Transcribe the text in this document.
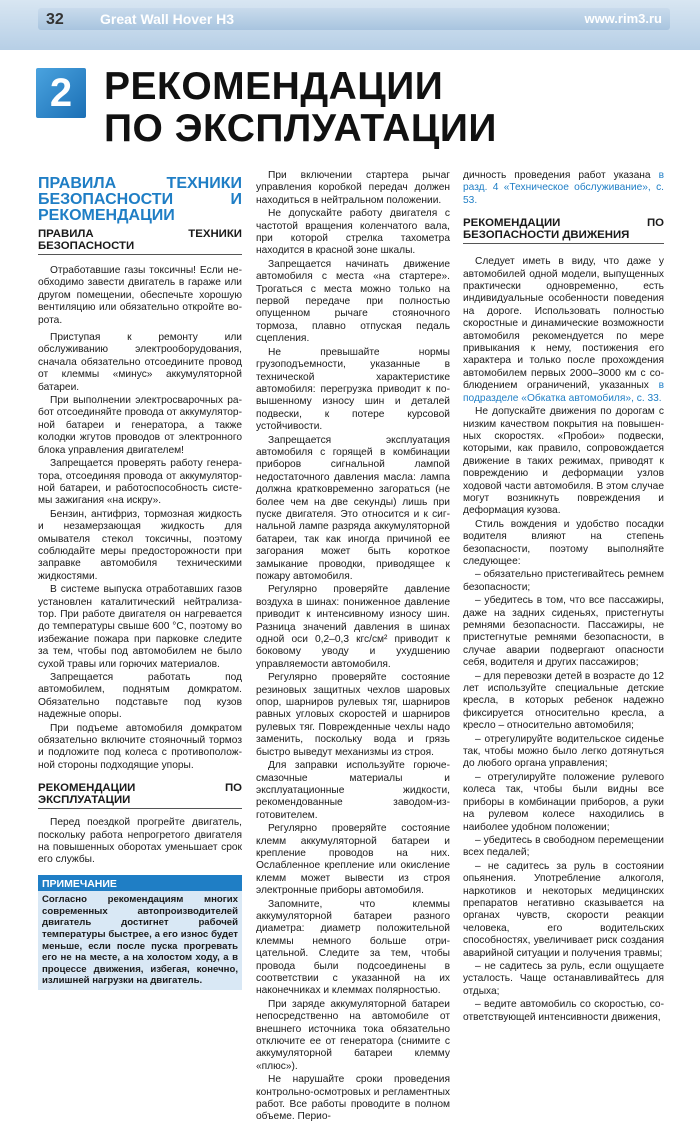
32	Great Wall Hover H3	www.rim3.ru
2 РЕКОМЕНДАЦИИ
ПО ЭКСПЛУАТАЦИИ
ПРАВИЛА ТЕХНИКИ БЕЗОПАСНОСТИ И РЕКОМЕНДАЦИИ
ПРАВИЛА ТЕХНИКИ БЕЗОПАСНОСТИ

Отработавшие газы токсичны! Если необходимо завести двигатель в гараже или другом помещении, обеспечьте хорошую вентиляцию или обязательно откройте ворота.

Приступая к ремонту или обслуживанию электрооборудования, сначала обязательно отсоедините провод от клеммы «минус» аккумуляторной батареи.

При выполнении электросварочных работ отсоединяйте провода от аккумуляторной батареи и генератора, а также колодки жгутов проводов от электронного блока управления двигателем!

Запрещается проверять работу генератора, отсоединяя провода от аккумуляторной батареи, и работоспособность системы зажигания «на искру».

Бензин, антифриз, тормозная жидкость и незамерзающая жидкость для омывателя стекол токсичны, поэтому соблюдайте меры предосторожности при заправке автомобиля техническими жидкостями.

В системе выпуска отработавших газов установлен каталитический нейтрализатор. При работе двигателя он нагревается до температуры свыше 600 °С, поэтому во избежание пожара при парковке следите за тем, чтобы под автомобилем не было сухой травы или горючих материалов.

Запрещается работать под автомобилем, поднятым домкратом. Обязательно подставьте под кузов надежные опоры.

При подъеме автомобиля домкратом обязательно включите стояночный тормоз и подложите под колеса с противоположной стороны подходящие упоры.

РЕКОМЕНДАЦИИ ПО ЭКСПЛУАТАЦИИ

Перед поездкой прогрейте двигатель, поскольку работа непрогретого двигателя на повышенных оборотах уменьшает срок его службы.

ПРИМЕЧАНИЕ
Согласно рекомендациям многих современных автопроизводителей двигатель достигнет рабочей температуры быстрее, а его износ будет меньше, если после пуска прогревать его не на месте, а на холостом ходу, а в процессе движения, избегая, конечно, излишней нагрузки на двигатель.

При включении стартера рычаг управления коробкой передач должен находиться в нейтральном положении.

Не допускайте работу двигателя с частотой вращения коленчатого вала, при которой стрелка тахометра находится в красной зоне шкалы.

Запрещается начинать движение автомобиля с места «на стартере». Трогаться с места можно только на первой передаче при полностью опущенном рычаге стояночного тормоза, плавно отпуская педаль сцепления.

Не превышайте нормы грузоподъемности, указанные в технической характеристике автомобиля: перегрузка приводит к повышенному износу шин и деталей подвески, к потере курсовой устойчивости.

Запрещается эксплуатация автомобиля с горящей в комбинации приборов сигнальной лампой недостаточного давления масла: лампа должна кратковременно загораться (не более чем на две секунды) лишь при пуске двигателя. Это относится и к сигнальной лампе разряда аккумуляторной батареи, так как иногда причиной ее загорания может быть короткое замыкание проводки, приводящее к пожару автомобиля.

Регулярно проверяйте давление воздуха в шинах: пониженное давление приводит к интенсивному износу шин. Разница значений давления в шинах одной оси 0,2–0,3 кгс/см² приводит к боковому уводу и ухудшению управляемости автомобиля.

Регулярно проверяйте состояние резиновых защитных чехлов шаровых опор, шарниров рулевых тяг, шарниров равных угловых скоростей и шарниров рулевых тяг. Поврежденные чехлы надо заменить, поскольку вода и грязь быстро выведут механизмы из строя.

Для заправки используйте горюче-смазочные материалы и эксплуатационные жидкости, рекомендованные заводом-изготовителем.

Регулярно проверяйте состояние клемм аккумуляторной батареи и крепление проводов на них. Ослабленное крепление или окисление клемм может вывести из строя электронные приборы автомобиля.

Запомните, что клеммы аккумуляторной батареи разного диаметра: диаметр положительной клеммы немного больше отрицательной. Следите за тем, чтобы провода были подсоединены в соответствии с указанной на их наконечниках и клеммах полярностью.

При заряде аккумуляторной батареи непосредственно на автомобиле от внешнего источника тока обязательно отключите ее от генератора (снимите с аккумуляторной батареи клемму «плюс»).

Не нарушайте сроки проведения контрольно-осмотровых и регламентных работ. Все работы проводите в полном объеме. Перио-

дичность проведения работ указана в разд. 4 «Техническое обслуживание», с. 53.

РЕКОМЕНДАЦИИ ПО БЕЗОПАСНОСТИ ДВИЖЕНИЯ

Следует иметь в виду, что даже у автомобилей одной модели, выпущенных практически одновременно, есть индивидуальные особенности поведения на дороге. Использовать полностью скоростные и динамические возможности автомобиля рекомендуется по мере привыкания к нему, постижения его характера и только после прохождения автомобилем первых 2000–3000 км с соблюдением ограничений, указанных в подразделе «Обкатка автомобиля», с. 33.

Не допускайте движения по дорогам с низким качеством покрытия на повышенных скоростях. «Пробои» подвески, которыми, как правило, сопровождается движение в таких режимах, приводят к повреждению и деформации узлов ходовой части автомобиля. В этом случае могут возникнуть повреждения и деформация кузова.

Стиль вождения и удобство посадки водителя влияют на степень безопасности, поэтому выполняйте следующее:

– обязательно пристегивайтесь ремнем безопасности;

– убедитесь в том, что все пассажиры, даже на задних сиденьях, пристегнуты ремнями безопасности. Пассажиры, не пристегнутые ремнями безопасности, в случае аварии подвергают опасности себя, водителя и других пассажиров;

– для перевозки детей в возрасте до 12 лет используйте специальные детские кресла, в которых ребенок надежно фиксируется относительно кресла, а кресло – относительно автомобиля;

– отрегулируйте водительское сиденье так, чтобы можно было легко дотянуться до любого органа управления;

– отрегулируйте положение рулевого колеса так, чтобы были видны все приборы в комбинации приборов, а руки на рулевом колесе находились в наиболее удобном положении;

– убедитесь в свободном перемещении всех педалей;

– не садитесь за руль в состоянии опьянения. Употребление алкоголя, наркотиков и некоторых медицинских препаратов негативно сказывается на органах чувств, скорости реакции человека, его водительских способностях, увеличивает риск создания аварийной ситуации и получения травмы;

– не садитесь за руль, если ощущаете усталость. Чаще останавливайтесь для отдыха;

– ведите автомобиль со скоростью, соответствующей интенсивности движения,
